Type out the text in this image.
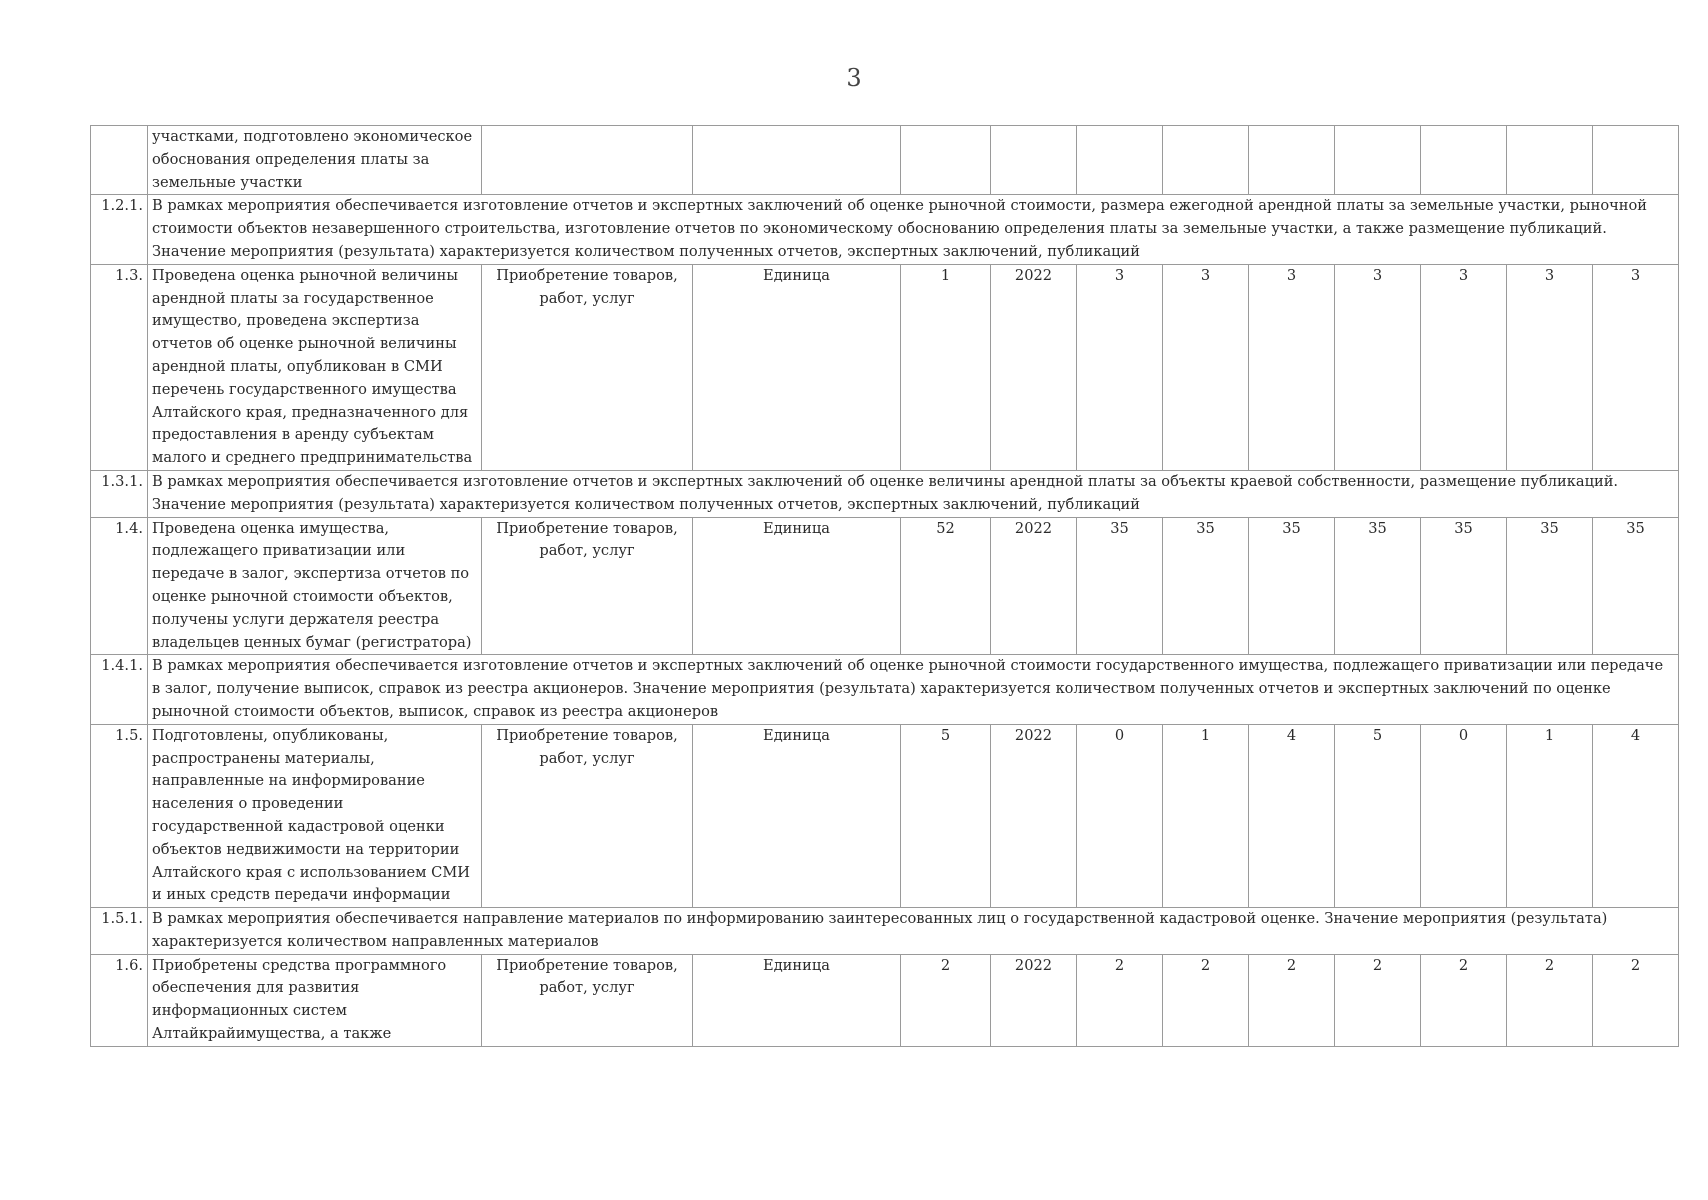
3
	участками, подготовлено экономическое обоснования определения платы за земельные участки											
1.2.1.	В рамках мероприятия обеспечивается изготовление отчетов и экспертных заключений об оценке рыночной стоимости, размера ежегодной арендной платы за земельные участки, рыночной стоимости объектов незавершенного строительства, изготовление отчетов по экономическому обоснованию определения платы за земельные участки, а также размещение публикаций. Значение мероприятия (результата) характеризуется количеством полученных отчетов, экспертных заключений, публикаций											
1.3.	Проведена оценка рыночной величины арендной платы за государственное имущество, проведена экспертиза отчетов об оценке рыночной величины арендной платы, опубликован в СМИ перечень государственного имущества Алтайского края, предназначенного для предоставления в аренду субъектам малого и среднего предпринимательства	Приобретение товаров, работ, услуг	Единица	1	2022	3	3	3	3	3	3	3
1.3.1.	В рамках мероприятия обеспечивается изготовление отчетов и экспертных заключений об оценке величины арендной платы за объекты краевой собственности, размещение публикаций. Значение мероприятия (результата) характеризуется количеством полученных отчетов, экспертных заключений, публикаций											
1.4.	Проведена оценка имущества, подлежащего приватизации или передаче в залог, экспертиза отчетов по оценке рыночной стоимости объектов, получены услуги держателя реестра владельцев ценных бумаг (регистратора)	Приобретение товаров, работ, услуг	Единица	52	2022	35	35	35	35	35	35	35
1.4.1.	В рамках мероприятия обеспечивается изготовление отчетов и экспертных заключений об оценке рыночной стоимости государственного имущества, подлежащего приватизации или передаче в залог, получение выписок, справок из реестра акционеров. Значение мероприятия (результата) характеризуется количеством полученных отчетов и экспертных заключений по оценке рыночной стоимости объектов, выписок, справок из реестра акционеров											
1.5.	Подготовлены, опубликованы, распространены материалы, направленные на информирование населения о проведении государственной кадастровой оценки объектов недвижимости на территории Алтайского края с использованием СМИ и иных средств передачи информации	Приобретение товаров, работ, услуг	Единица	5	2022	0	1	4	5	0	1	4
1.5.1.	В рамках мероприятия обеспечивается направление материалов по информированию заинтересованных лиц о государственной кадастровой оценке. Значение мероприятия (результата) характеризуется количеством направленных материалов											
1.6.	Приобретены средства программного обеспечения для развития информационных систем Алтайкрайимущества, а также	Приобретение товаров, работ, услуг	Единица	2	2022	2	2	2	2	2	2	2
